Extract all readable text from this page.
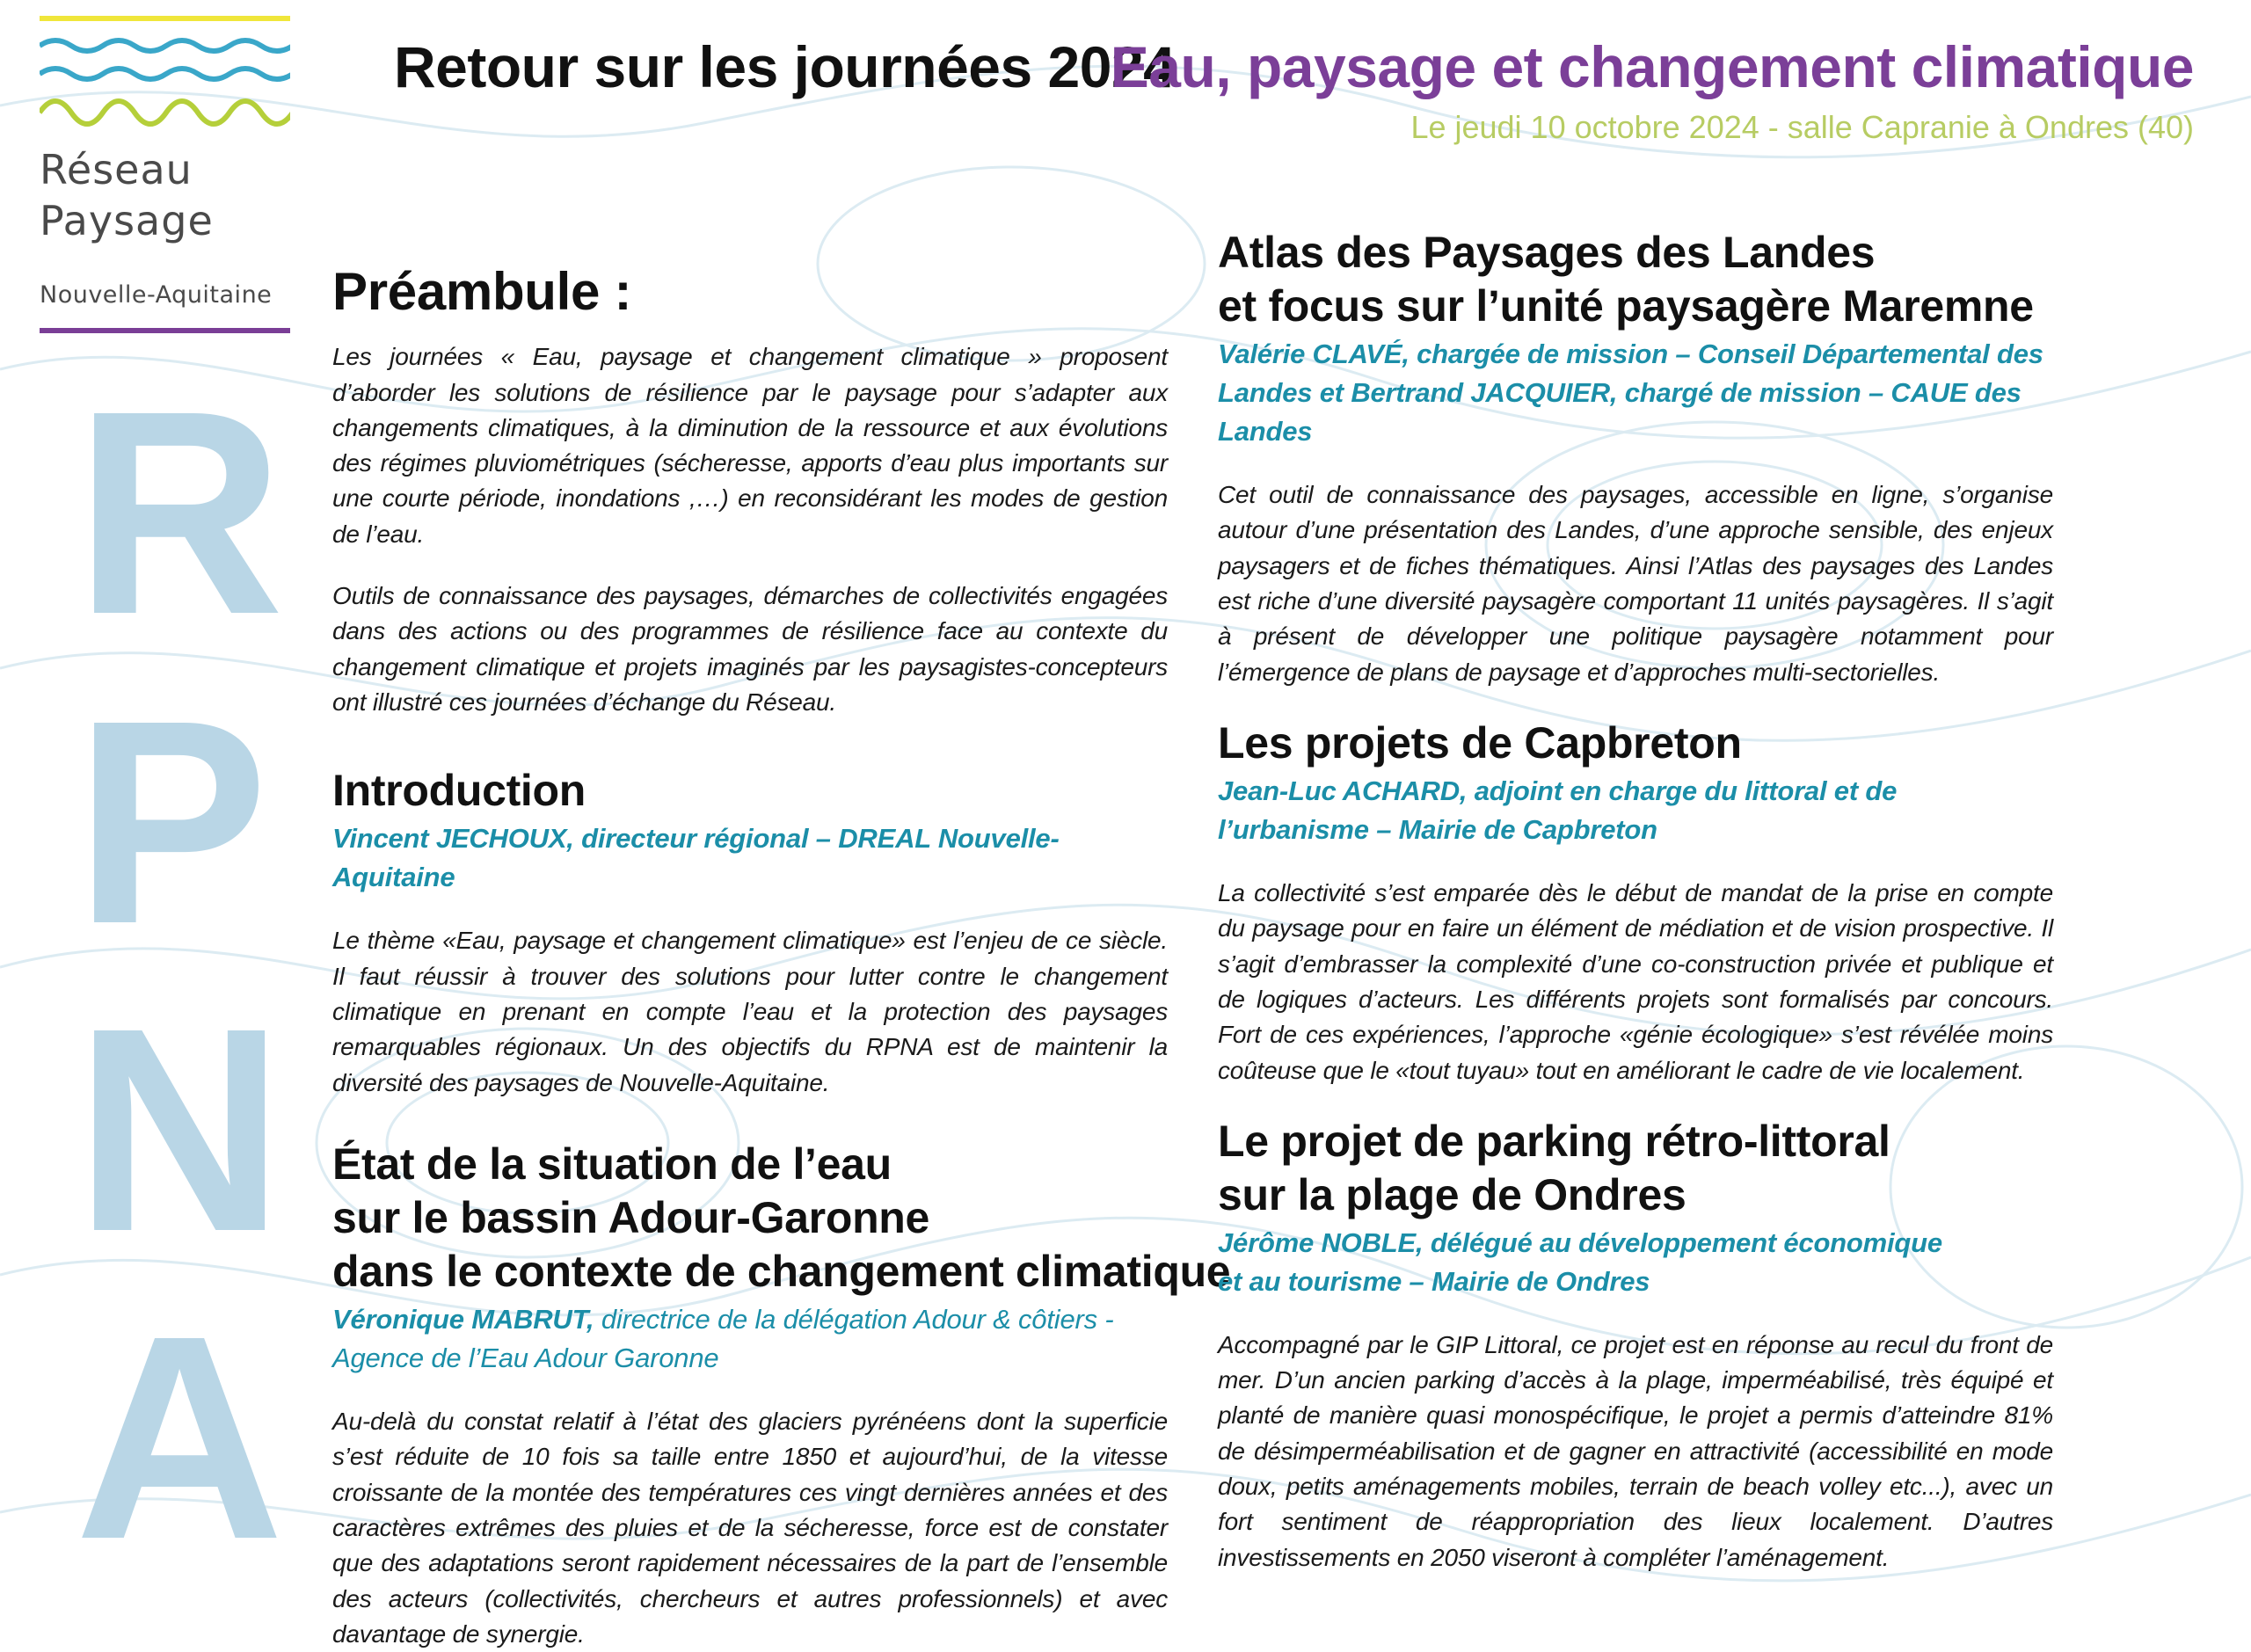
Réseau
Paysage
Nouvelle-Aquitaine
R
P
N
A
Retour sur les journées 2024
Eau, paysage et changement climatique
Le jeudi 10 octobre 2024 - salle Capranie à Ondres (40)
Préambule :

Les journées « Eau, paysage et changement climatique » proposent d’aborder les solutions de résilience par le paysage pour s’adapter aux changements climatiques, à la diminution de la ressource et aux évolutions des régimes pluviométriques (sécheresse, apports d’eau plus importants sur une courte période, inondations ,…) en reconsidérant les modes de gestion de l’eau.

Outils de connaissance des paysages, démarches de collectivités engagées dans des actions ou des programmes de résilience face au contexte du changement climatique et projets imaginés par les paysagistes-concepteurs ont illustré ces journées d’échange du Réseau.

Introduction
Vincent JECHOUX, directeur régional – DREAL Nouvelle-Aquitaine

Le thème «Eau, paysage et changement climatique» est l’enjeu de ce siècle. Il faut réussir à trouver des solutions pour lutter contre le changement climatique en prenant en compte l’eau et la protection des paysages remarquables régionaux. Un des objectifs du RPNA est de maintenir la diversité des paysages de Nouvelle-Aquitaine.

État de la situation de l’eau
sur le bassin Adour-Garonne
dans le contexte de changement climatique
Véronique MABRUT, directrice de la délégation Adour & côtiers - Agence de l’Eau Adour Garonne

Au-delà du constat relatif à l’état des glaciers pyrénéens dont la superficie s’est réduite de 10 fois sa taille entre 1850 et aujourd’hui, de la vitesse croissante de la montée des températures ces vingt dernières années et des caractères extrêmes des pluies et de la sécheresse, force est de constater que des adaptations seront rapidement nécessaires de la part de l’ensemble des acteurs (collectivités, chercheurs et autres professionnels) et avec davantage de synergie.

Atlas des Paysages des Landes
et focus sur l’unité paysagère Maremne
Valérie CLAVÉ, chargée de mission – Conseil Départemental des Landes et Bertrand JACQUIER, chargé de mission – CAUE des Landes

Cet outil de connaissance des paysages, accessible en ligne, s’organise autour d’une présentation des Landes, d’une approche sensible, des enjeux paysagers et de fiches thématiques. Ainsi l’Atlas des paysages des Landes est riche d’une diversité paysagère comportant 11 unités paysagères. Il s’agit à présent de développer une politique paysagère notamment pour l’émergence de plans de paysage et d’approches multi-sectorielles.

Les projets de Capbreton
Jean-Luc ACHARD, adjoint en charge du littoral et de l’urbanisme – Mairie de Capbreton

La collectivité s’est emparée dès le début de mandat de la prise en compte du paysage pour en faire un élément de médiation et de vision prospective. Il s’agit d’embrasser la complexité d’une co-construction privée et publique et de logiques d’acteurs. Les différents projets sont formalisés par concours. Fort de ces expériences, l’approche «génie écologique» s’est révélée moins coûteuse que le «tout tuyau» tout en améliorant le cadre de vie localement.

Le projet de parking rétro-littoral
sur la plage de Ondres
Jérôme NOBLE, délégué au développement économique
et au tourisme – Mairie de Ondres

Accompagné par le GIP Littoral, ce projet est en réponse au recul du front de mer. D’un ancien parking d’accès à la plage, imperméabilisé, très équipé et planté de manière quasi monospécifique, le projet a permis d’atteindre 81% de désimperméabilisation et de gagner en attractivité (accessibilité en mode doux, petits aménagements mobiles, terrain de beach volley etc...), avec un fort sentiment de réappropriation des lieux localement. D’autres investissements en 2050 viseront à compléter l’aménagement.
